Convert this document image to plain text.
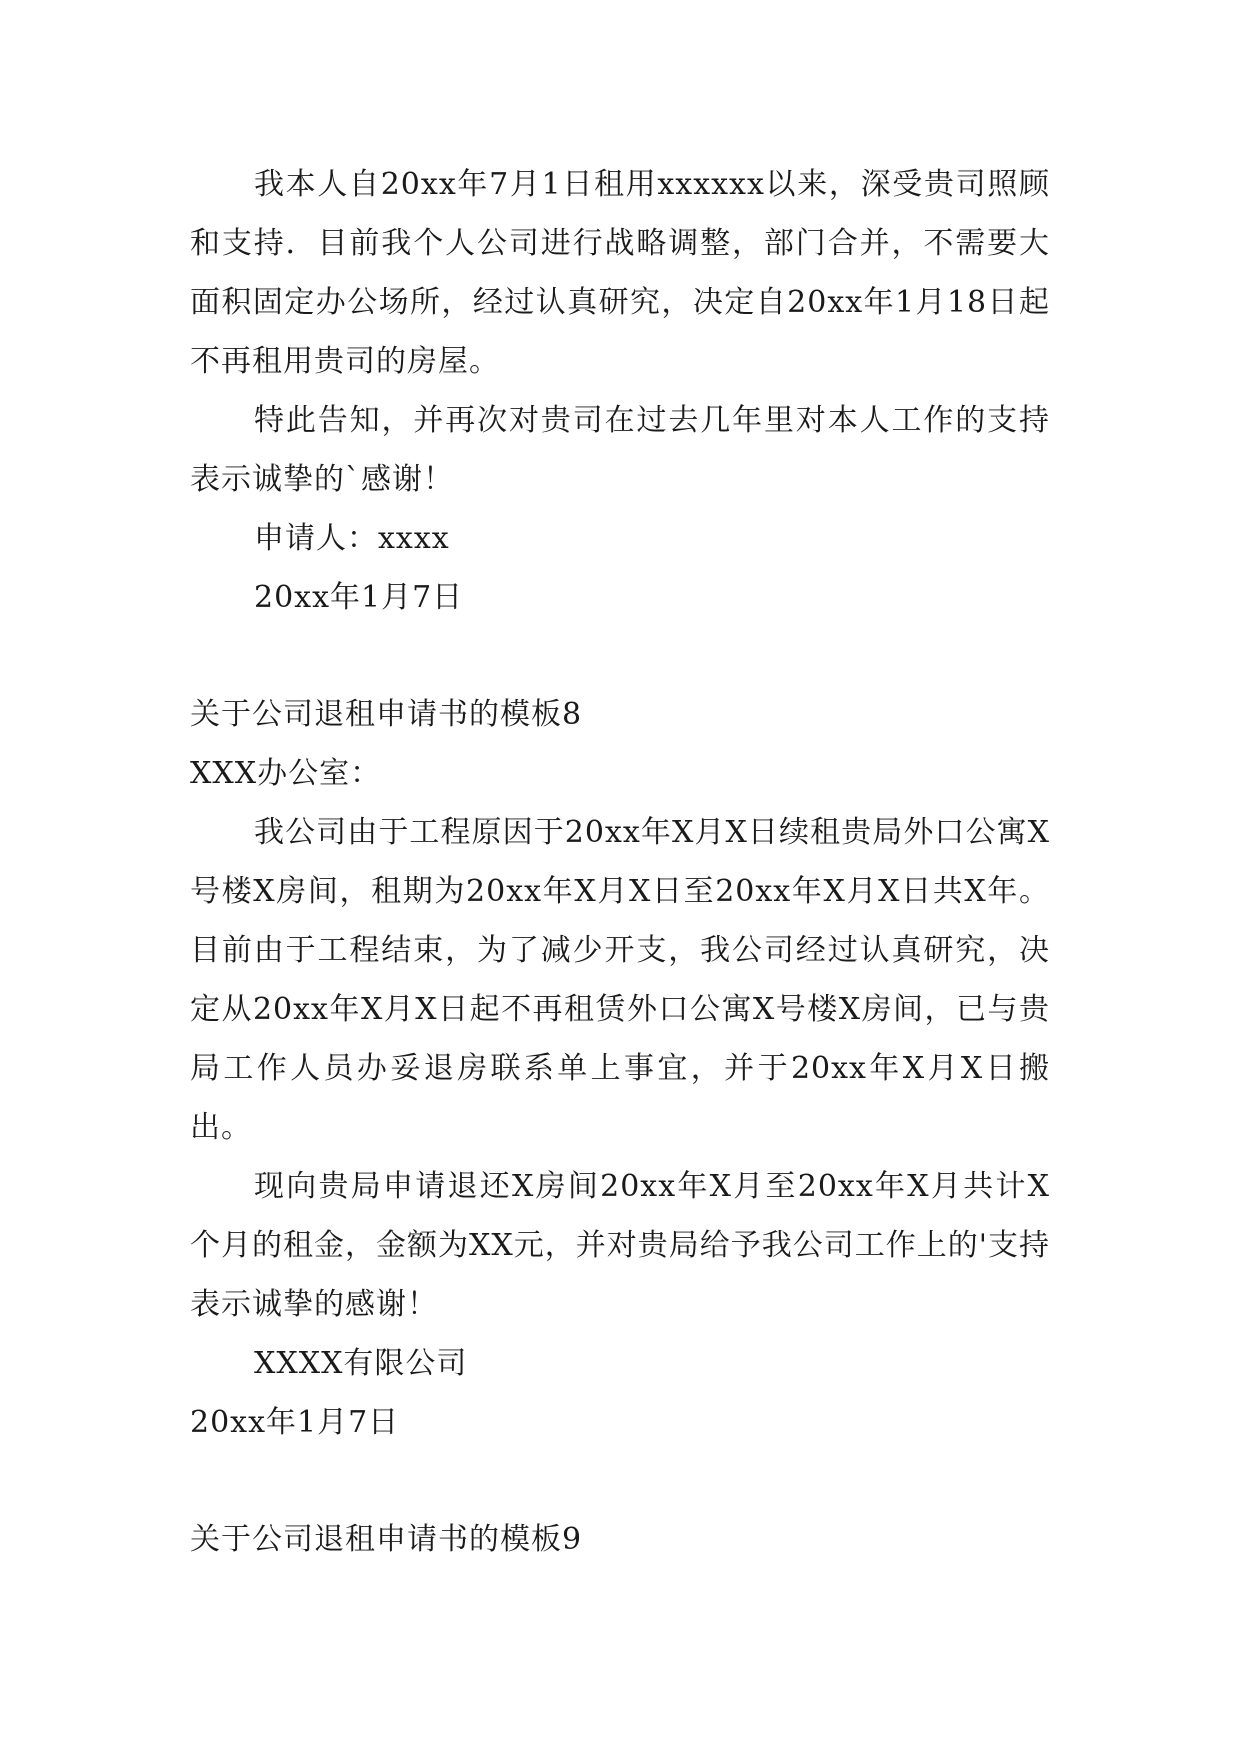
我本人自20xx年7月1日租用xxxxxx以来，深受贵司照顾和支持．目前我个人公司进行战略调整，部门合并，不需要大面积固定办公场所，经过认真研究，决定自20xx年1月18日起不再租用贵司的房屋。

特此告知，并再次对贵司在过去几年里对本人工作的支持表示诚挚的`感谢！

申请人：xxxx

20xx年1月7日

关于公司退租申请书的模板8

XXX办公室：

我公司由于工程原因于20xx年X月X日续租贵局外口公寓X号楼X房间，租期为20xx年X月X日至20xx年X月X日共X年。目前由于工程结束，为了减少开支，我公司经过认真研究，决定从20xx年X月X日起不再租赁外口公寓X号楼X房间，已与贵局工作人员办妥退房联系单上事宜，并于20xx年X月X日搬出。

现向贵局申请退还X房间20xx年X月至20xx年X月共计X个月的租金，金额为XX元，并对贵局给予我公司工作上的'支持表示诚挚的感谢！

XXXX有限公司

20xx年1月7日

关于公司退租申请书的模板9
